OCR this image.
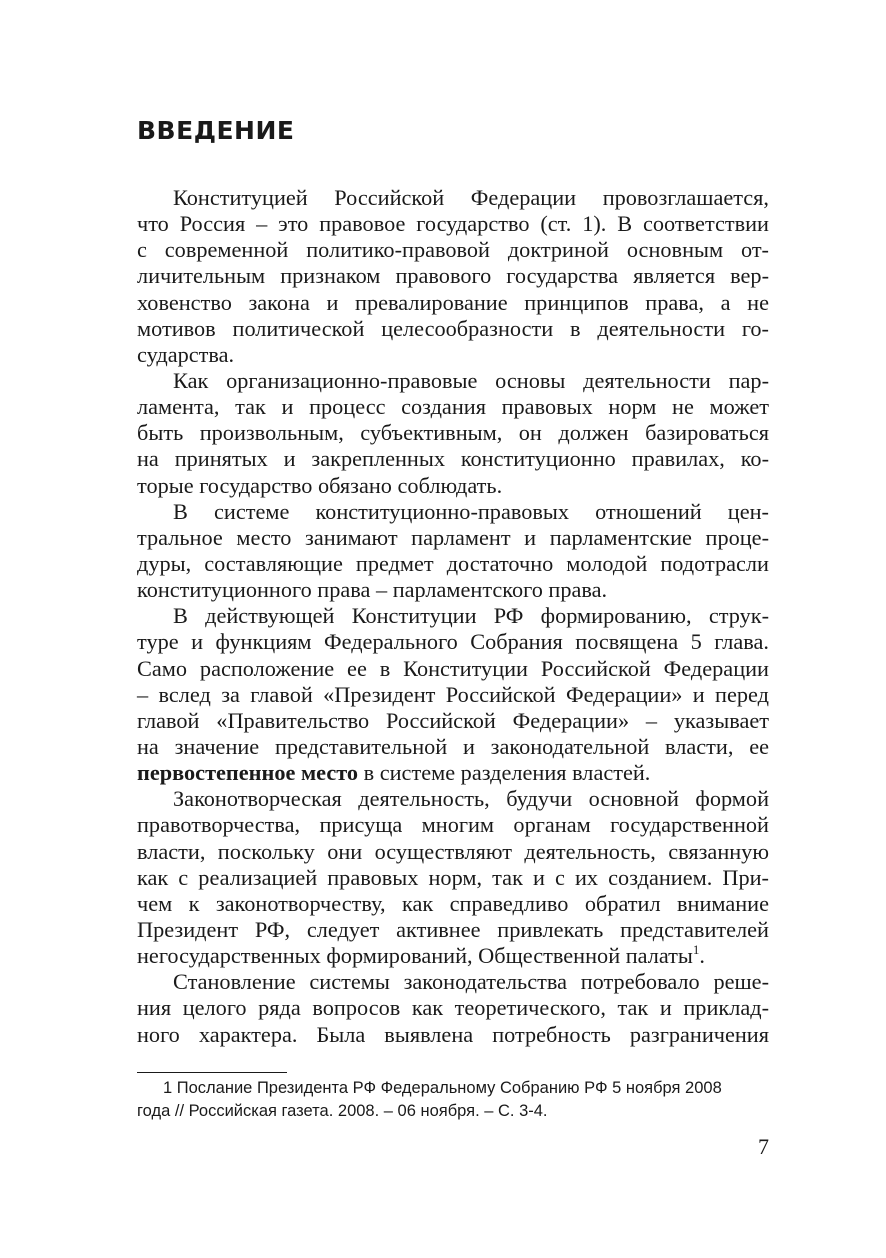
ВВЕДЕНИЕ
Конституцией Российской Федерации провозглашается,
что Россия – это правовое государство (ст. 1). В соответствии
с современной политико-правовой доктриной основным от-
личительным признаком правового государства является вер-
ховенство закона и превалирование принципов права, а не
мотивов политической целесообразности в деятельности го-
сударства.
Как организационно-правовые основы деятельности пар-
ламента, так и процесс создания правовых норм не может
быть произвольным, субъективным, он должен базироваться
на принятых и закрепленных конституционно правилах, ко-
торые государство обязано соблюдать.
В системе конституционно-правовых отношений цен-
тральное место занимают парламент и парламентские проце-
дуры, составляющие предмет достаточно молодой подотрасли
конституционного права – парламентского права.
В действующей Конституции РФ формированию, струк-
туре и функциям Федерального Собрания посвящена 5 глава.
Само расположение ее в Конституции Российской Федерации
– вслед за главой «Президент Российской Федерации» и перед
главой «Правительство Российской Федерации» – указывает
на значение представительной и законодательной власти, ее
первостепенное место в системе разделения властей.
Законотворческая деятельность, будучи основной формой
правотворчества, присуща многим органам государственной
власти, поскольку они осуществляют деятельность, связанную
как с реализацией правовых норм, так и с их созданием. При-
чем к законотворчеству, как справедливо обратил внимание
Президент РФ, следует активнее привлекать представителей
негосударственных формирований, Общественной палаты$^1$.
Становление системы законодательства потребовало реше-
ния целого ряда вопросов как теоретического, так и приклад-
ного характера. Была выявлена потребность разграничения
1 Послание Президента РФ Федеральному Собранию РФ 5 ноября 2008
года // Российская газета. 2008. – 06 ноября. – С. 3-4.
7
